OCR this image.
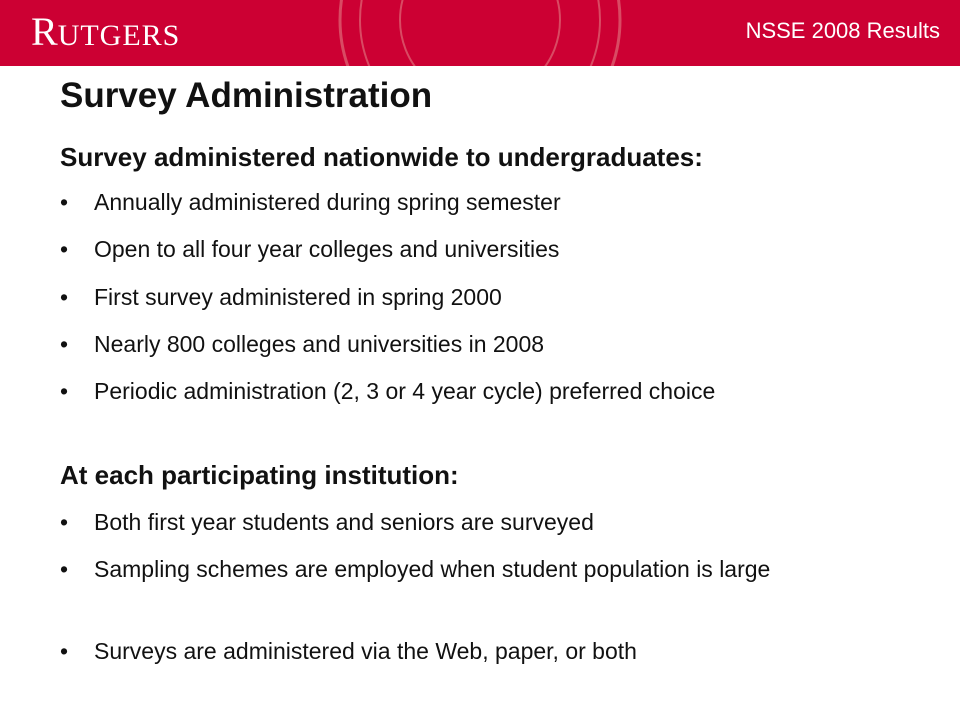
RUTGERS	NSSE 2008 Results
Survey Administration
Survey administered nationwide to undergraduates:
• Annually administered during spring semester
• Open to all four year colleges and universities
• First survey administered in spring 2000
• Nearly 800 colleges and universities in 2008
• Periodic administration (2, 3 or 4 year cycle) preferred choice
At each participating institution:
• Both first year students and seniors are surveyed
• Sampling schemes are employed when student population is large
• Surveys are administered via the Web, paper, or both
